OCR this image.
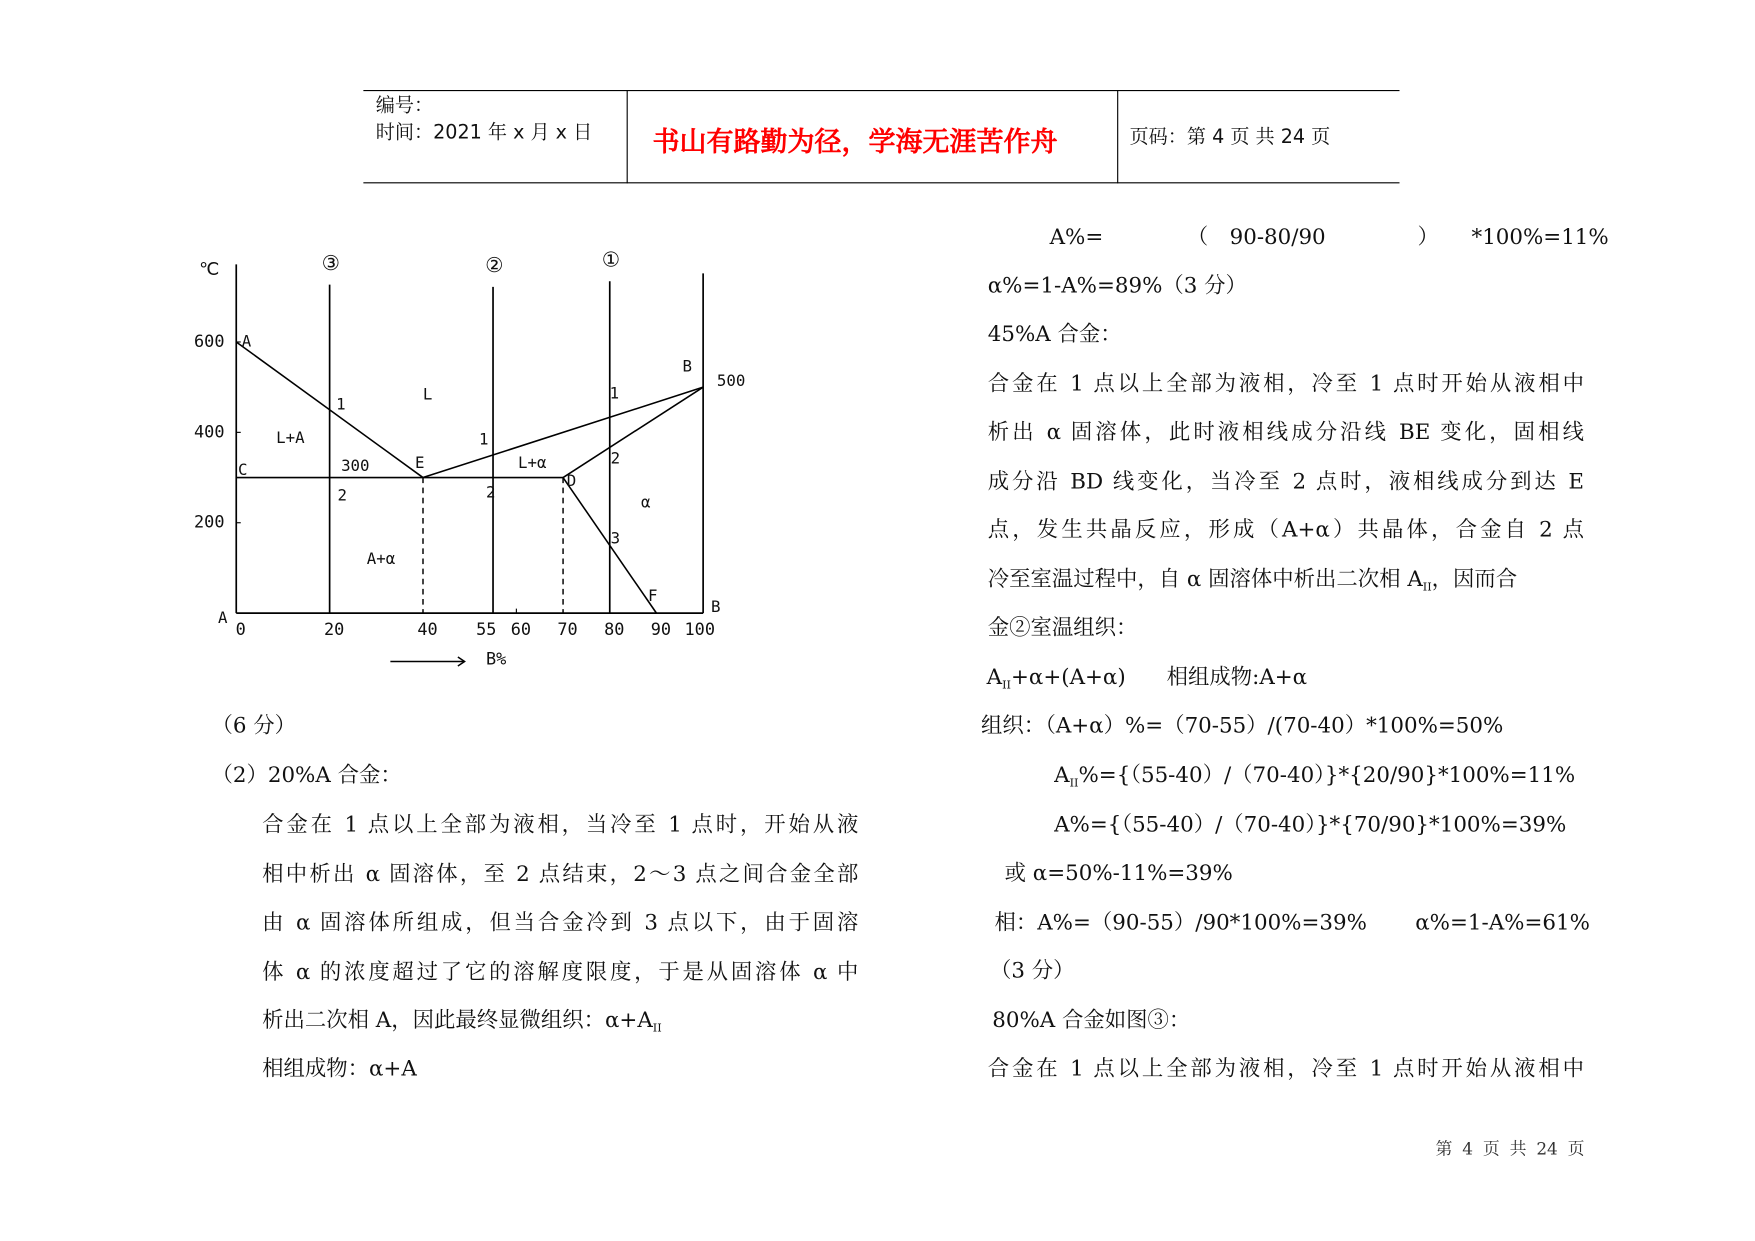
编号：
时间：2021 年 x 月 x 日	书山有路勤为径，学海无涯苦作舟	页码：第 4 页 共 24 页
③	②	①
200
400
600
0	20	40	55 60 70 80 90 100
℃
B%
A
B
500
C	300	E
D
F
L
L+A
L+α
A+α
α
1
2
1
2
1
2
3
A
B
（6 分）
（2）20%A 合金：
合金在 1 点以上全部为液相，当冷至 1 点时，开始从液
相中析出 α 固溶体，至 2 点结束，2～3 点之间合金全部
由 α 固溶体所组成，但当合金冷到 3 点以下，由于固溶
体 α 的浓度超过了它的溶解度限度，于是从固溶体 α 中
析出二次相 A，因此最终显微组织：$\alpha+A_{II}$
相组成物：α+A
A%=	（ 90-80/90	） *100%=11%
α%=1-A%=89%（3 分）
45%A 合金：
合金在 1 点以上全部为液相，冷至 1 点时开始从液相中
析出 α 固溶体，此时液相线成分沿线 BE 变化，固相线
成分沿 BD 线变化，当冷至 2 点时，液相线成分到达 E
点，发生共晶反应，形成（A+α）共晶体，合金自 2 点
冷至室温过程中，自 α 固溶体中析出二次相 $A_{II}$，因而合
金②室温组织：
$A_{II}+\alpha+(A+\alpha)$ 相组成物:A+α
组织：（A+α）%=（70-55）/(70-40）*100%=50%
$A_{II}\%=\{(55-40)/(70-40)\}*\{20/90\}*100\%=11\%$
A%={（55-40）/（70-40）}*{70/90}*100%=39%
或 α=50%-11%=39%
相：A%=（90-55）/90*100%=39%	α%=1-A%=61%
（3 分）
80%A 合金如图③：
合金在 1 点以上全部为液相，冷至 1 点时开始从液相中
第 4 页 共 24 页
